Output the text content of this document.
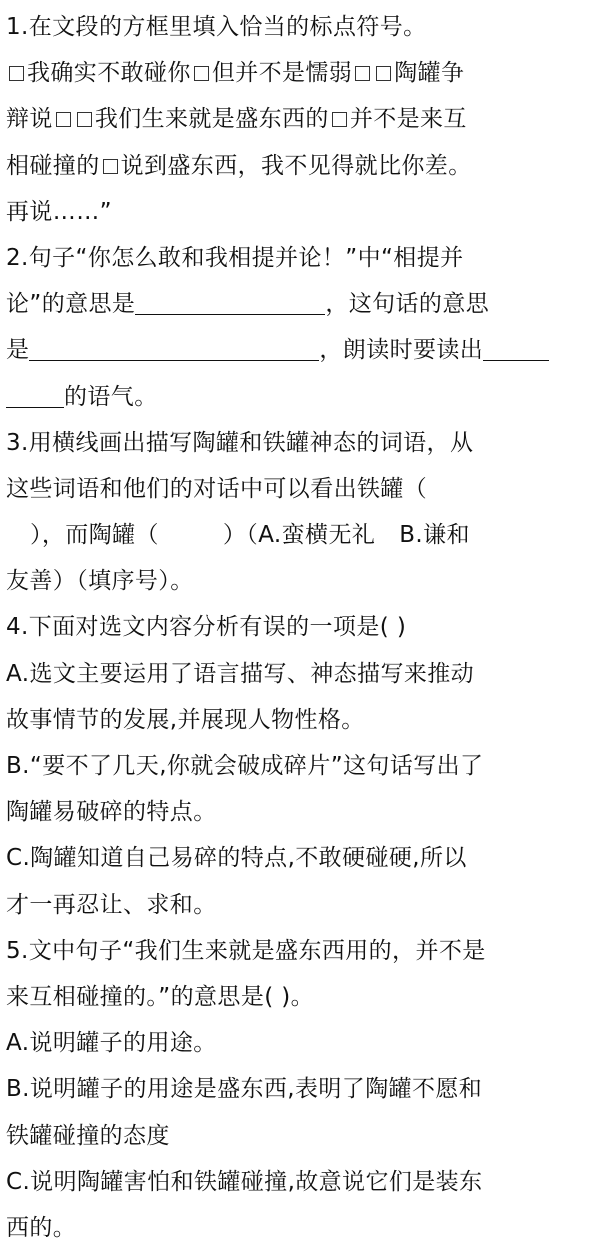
1.在文段的方框里填入恰当的标点符号。
我确实不敢碰你 但并不是懦弱 陶罐争
辩说 我们生来就是盛东西的 并不是来互
相碰撞的 说到盛东西，我不见得就比你差。
再说……”
2.句子“你怎么敢和我相提并论！”中“相提并
论”的意思是	，这句话的意思
是	，朗读时要读出
的语气。
3.用横线画出描写陶罐和铁罐神态的词语，从
这些词语和他们的对话中可以看出铁罐（
），而陶罐（	）（A.蛮横无礼 B.谦和
友善）（填序号）。
4.下面对选文内容分析有误的一项是( )
A.选文主要运用了语言描写、神态描写来推动
故事情节的发展,并展现人物性格。
B.“要不了几天,你就会破成碎片”这句话写出了
陶罐易破碎的特点。
C.陶罐知道自己易碎的特点,不敢硬碰硬,所以
才一再忍让、求和。
5.文中句子“我们生来就是盛东西用的，并不是
来互相碰撞的。”的意思是( )。
A.说明罐子的用途。
B.说明罐子的用途是盛东西,表明了陶罐不愿和
铁罐碰撞的态度
C.说明陶罐害怕和铁罐碰撞,故意说它们是装东
西的。
